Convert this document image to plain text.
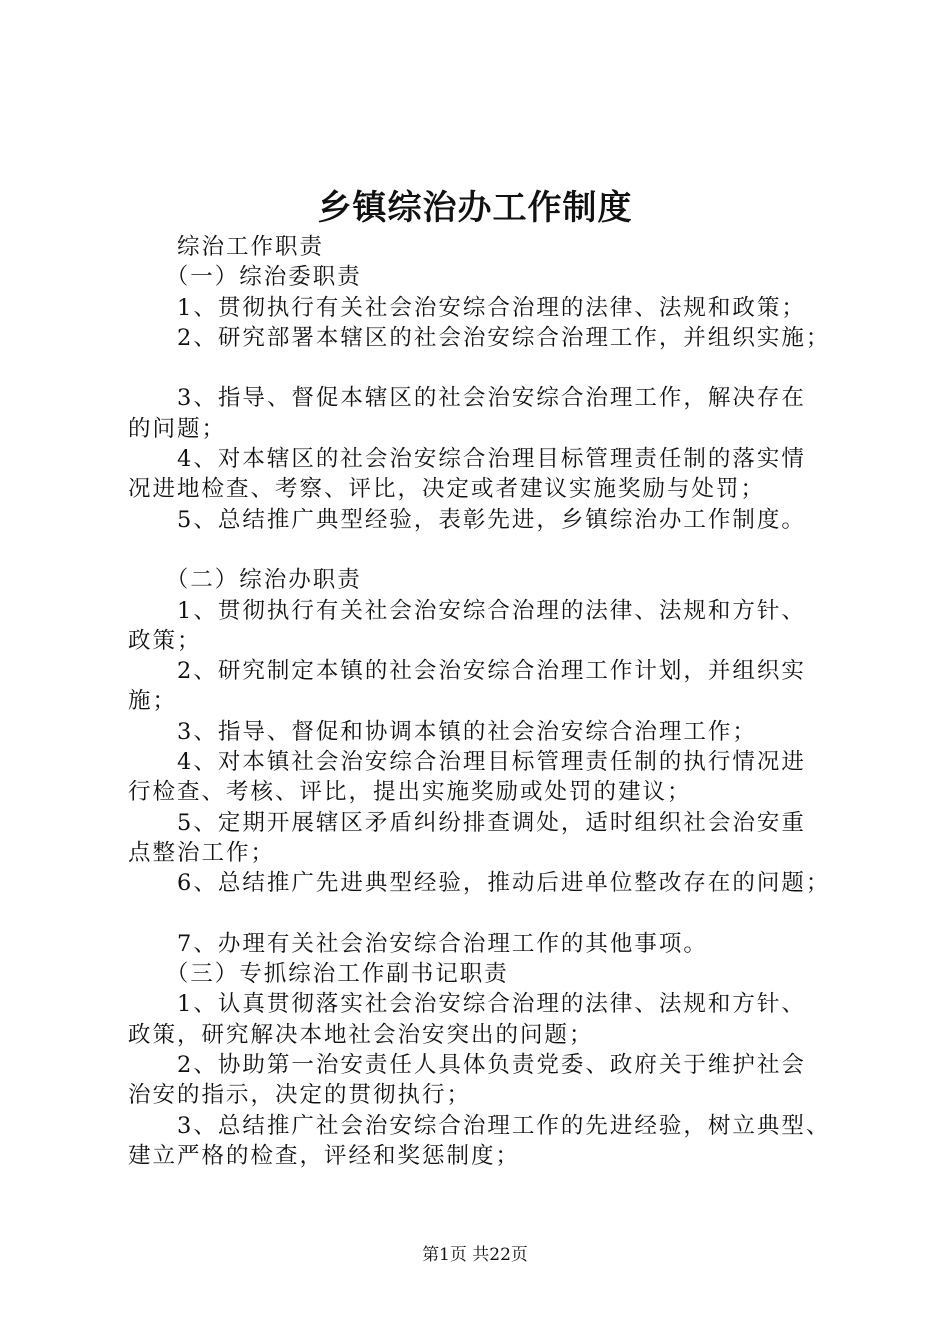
乡镇综治办工作制度
　　综治工作职责
　　（一）综治委职责
　　1、贯彻执行有关社会治安综合治理的法律、法规和政策；
　　2、研究部署本辖区的社会治安综合治理工作，并组织实施；
　　3、指导、督促本辖区的社会治安综合治理工作，解决存在
的问题；
　　4、对本辖区的社会治安综合治理目标管理责任制的落实情
况进地检查、考察、评比，决定或者建议实施奖励与处罚；
　　5、总结推广典型经验，表彰先进，乡镇综治办工作制度。
　　（二）综治办职责
　　1、贯彻执行有关社会治安综合治理的法律、法规和方针、
政策；
　　2、研究制定本镇的社会治安综合治理工作计划，并组织实
施；
　　3、指导、督促和协调本镇的社会治安综合治理工作；
　　4、对本镇社会治安综合治理目标管理责任制的执行情况进
行检查、考核、评比，提出实施奖励或处罚的建议；
　　5、定期开展辖区矛盾纠纷排查调处，适时组织社会治安重
点整治工作；
　　6、总结推广先进典型经验，推动后进单位整改存在的问题；
　　7、办理有关社会治安综合治理工作的其他事项。
　　（三）专抓综治工作副书记职责
　　1、认真贯彻落实社会治安综合治理的法律、法规和方针、
政策，研究解决本地社会治安突出的问题；
　　2、协助第一治安责任人具体负责党委、政府关于维护社会
治安的指示，决定的贯彻执行；
　　3、总结推广社会治安综合治理工作的先进经验，树立典型、
建立严格的检查，评经和奖惩制度；
第1页 共22页
